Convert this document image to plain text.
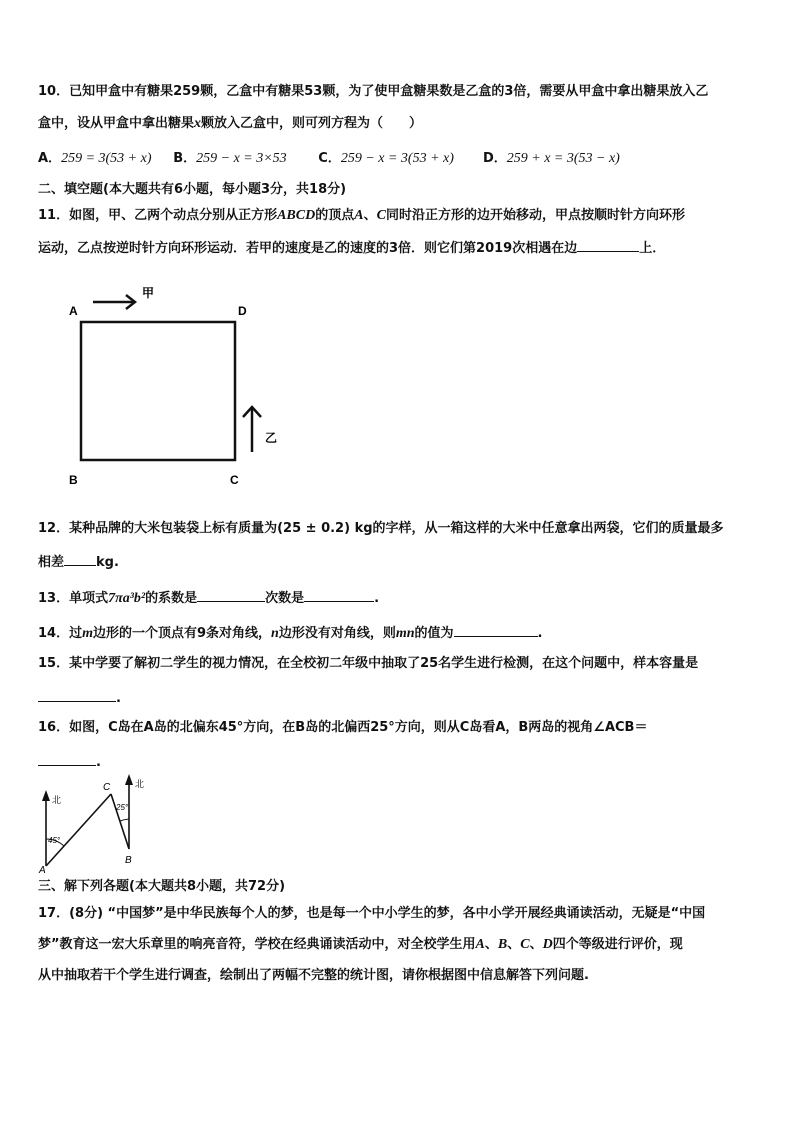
10．已知甲盒中有糖果259颗，乙盒中有糖果53颗，为了使甲盒糖果数是乙盒的3倍，需要从甲盒中拿出糖果放入乙
盒中，设从甲盒中拿出糖果x颗放入乙盒中，则可列方程为（　　）
A．259 = 3(53 + x) B．259 − x = 3×53 C．259 − x = 3(53 + x) D．259 + x = 3(53 − x)
二、填空题(本大题共有6小题，每小题3分，共18分)
11．如图，甲、乙两个动点分别从正方形ABCD的顶点A、C同时沿正方形的边开始移动，甲点按顺时针方向环形
运动，乙点按逆时针方向环形运动．若甲的速度是乙的速度的3倍．则它们第2019次相遇在边	上．
A	D
B	C
甲
乙
12．某种品牌的大米包装袋上标有质量为(25 ± 0.2) kg的字样，从一箱这样的大米中任意拿出两袋，它们的质量最多
相差 kg.
13．单项式7πa³b²的系数是	次数是	.
14．过m边形的一个顶点有9条对角线，n边形没有对角线，则mn的值为	.
15．某中学要了解初二学生的视力情况，在全校初二年级中抽取了25名学生进行检测，在这个问题中，样本容量是
.
16．如图，C岛在A岛的北偏东45°方向，在B岛的北偏西25°方向，则从C岛看A，B两岛的视角∠ACB＝
.
北
北
45°
25°
C
A
B
三、解下列各题(本大题共8小题，共72分)
17．(8分) “中国梦”是中华民族每个人的梦，也是每一个中小学生的梦，各中小学开展经典诵读活动，无疑是“中国
梦”教育这一宏大乐章里的响亮音符，学校在经典诵读活动中，对全校学生用A、B、C、D四个等级进行评价，现
从中抽取若干个学生进行调查，绘制出了两幅不完整的统计图，请你根据图中信息解答下列问题.
